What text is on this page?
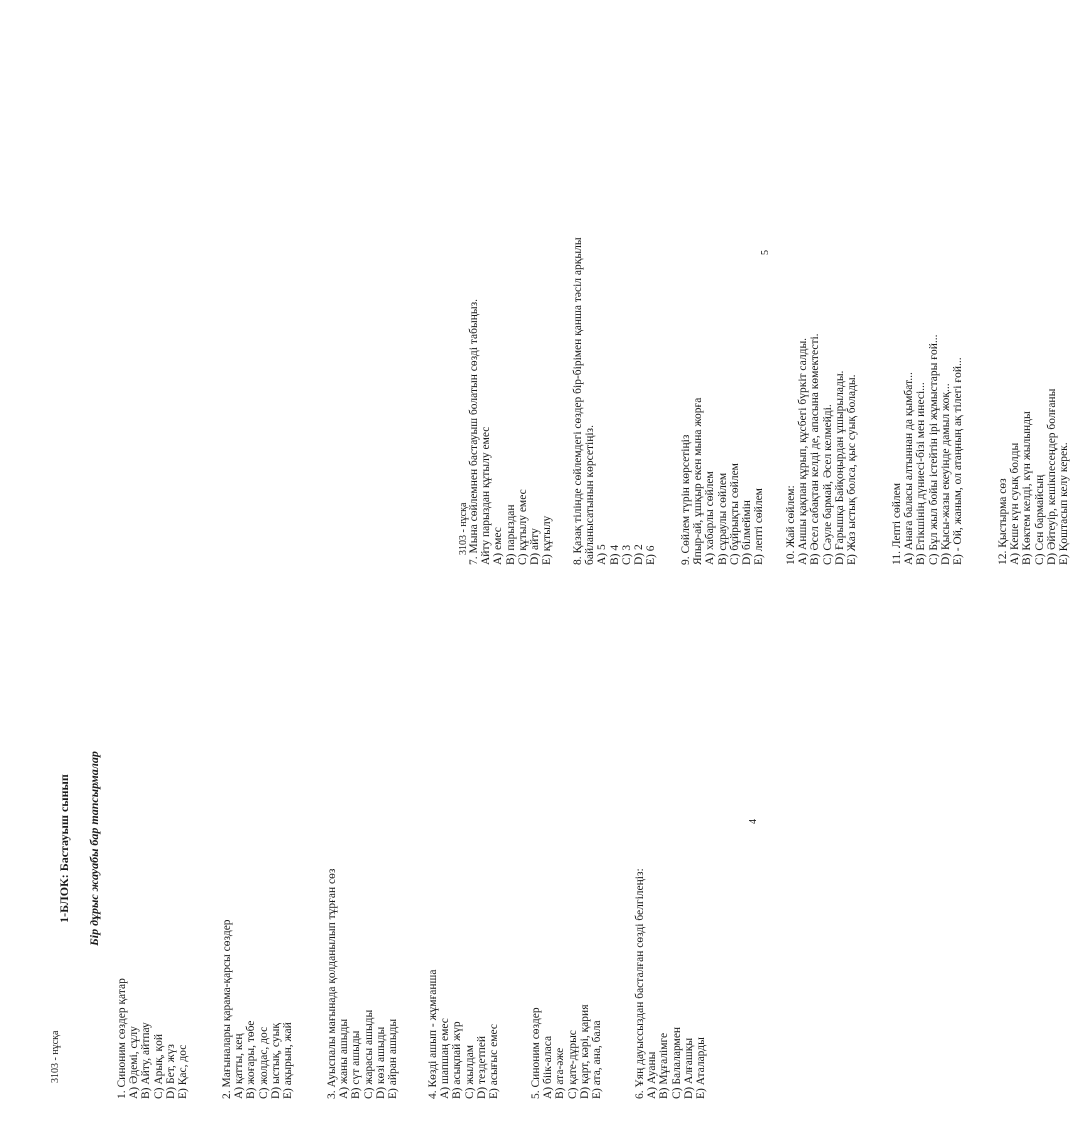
3103 - нұсқа
1-БЛОК: Бастауыш сынып Бір дұрыс жауабы бар тапсырмалар
1. Синоним сөздер қатар A) Әдемі, сұлу B) Айту, айтпау C) Арық, қой D) Бет, жүз E) Қас, дос	2. Мағыналары қарама-қарсы сөздер A) қатты, кең B) жоғары, төбе C) жолдас, дос D) ыстық, суық E) ақырын, жай	3. Ауыспалы мағынада қолданылып тұрған сөз A) жаны ашыды B) сүт ашыды C) жарасы ашыды D) көзі ашыды E) айран ашыды 4. Көзді ашып - жұмғанша A) шапшаң емес B) асықпай жүр C) жылдам D) тездетпей E) асығыс емес	5. Синоним сөздер A) біік-аласа B) ата-әже C) қате-дұрыс D) қарт, кәрі, қария E) ата, ана, бала	6. Ұяң дауыссыздан басталған сөзді белгілеңіз: A) Ауаны B) Мұғалімге C) Балалармен D) Алғашқы E) Аталарды
4
3103 - нұсқа 7. Мына сөйлемнен бастауыш болатын сөзді табыңыз. Айту парыздан құтылу емес A) емес B) парыздан C) құтылу емес D) айту E) құтылу 8. Қазақ тілінде сөйлемдегі сөздер бір-бірімен қанша тәсіл арқылы байланысатынын көрсетіңіз. A) 5 B) 4 C) 3 D) 2 E) 6 9. Сөйлем түрін көрсетіңіз Япыр-ай, ұшқыр екен мына жорға A) хабарлы сөйлем B) сұраулы сөйлем C) бұйрықты сөйлем D) білмеймін E) лепті сөйлем 10. Жай сөйлем: A) Аншы қақпан құрып, құсбегі бүркіт салды. B) Әсел сабақтан келді де, апасына көмектесті. C) Сәуле бармай, Әсел келмейді. D) Ғарышқа Байқоңырдан ұшырылады. E) Жаз ыстық болса, қыс суық болады.	11. Лепті сөйлем A) Анаға баласы алтыннан да қымбат... B) Етікшінің дүниесі-бізі мен инесі... C) Бұл жыл бойы істейтін ірі жұмыстары ғой... D) Қысы-жазы екеуінде дамыл жоқ... E) - Ой, жаным, ол атаңның ақ тілегі ғой...	12. Қыстырма сөз A) Кеше күн суық болды B) Көктем келді, күн жылынды C) Сен бармайсың D) Әйтеуір, кешікпесеңдер болғаны E) Қоштасып келу керек.
5
